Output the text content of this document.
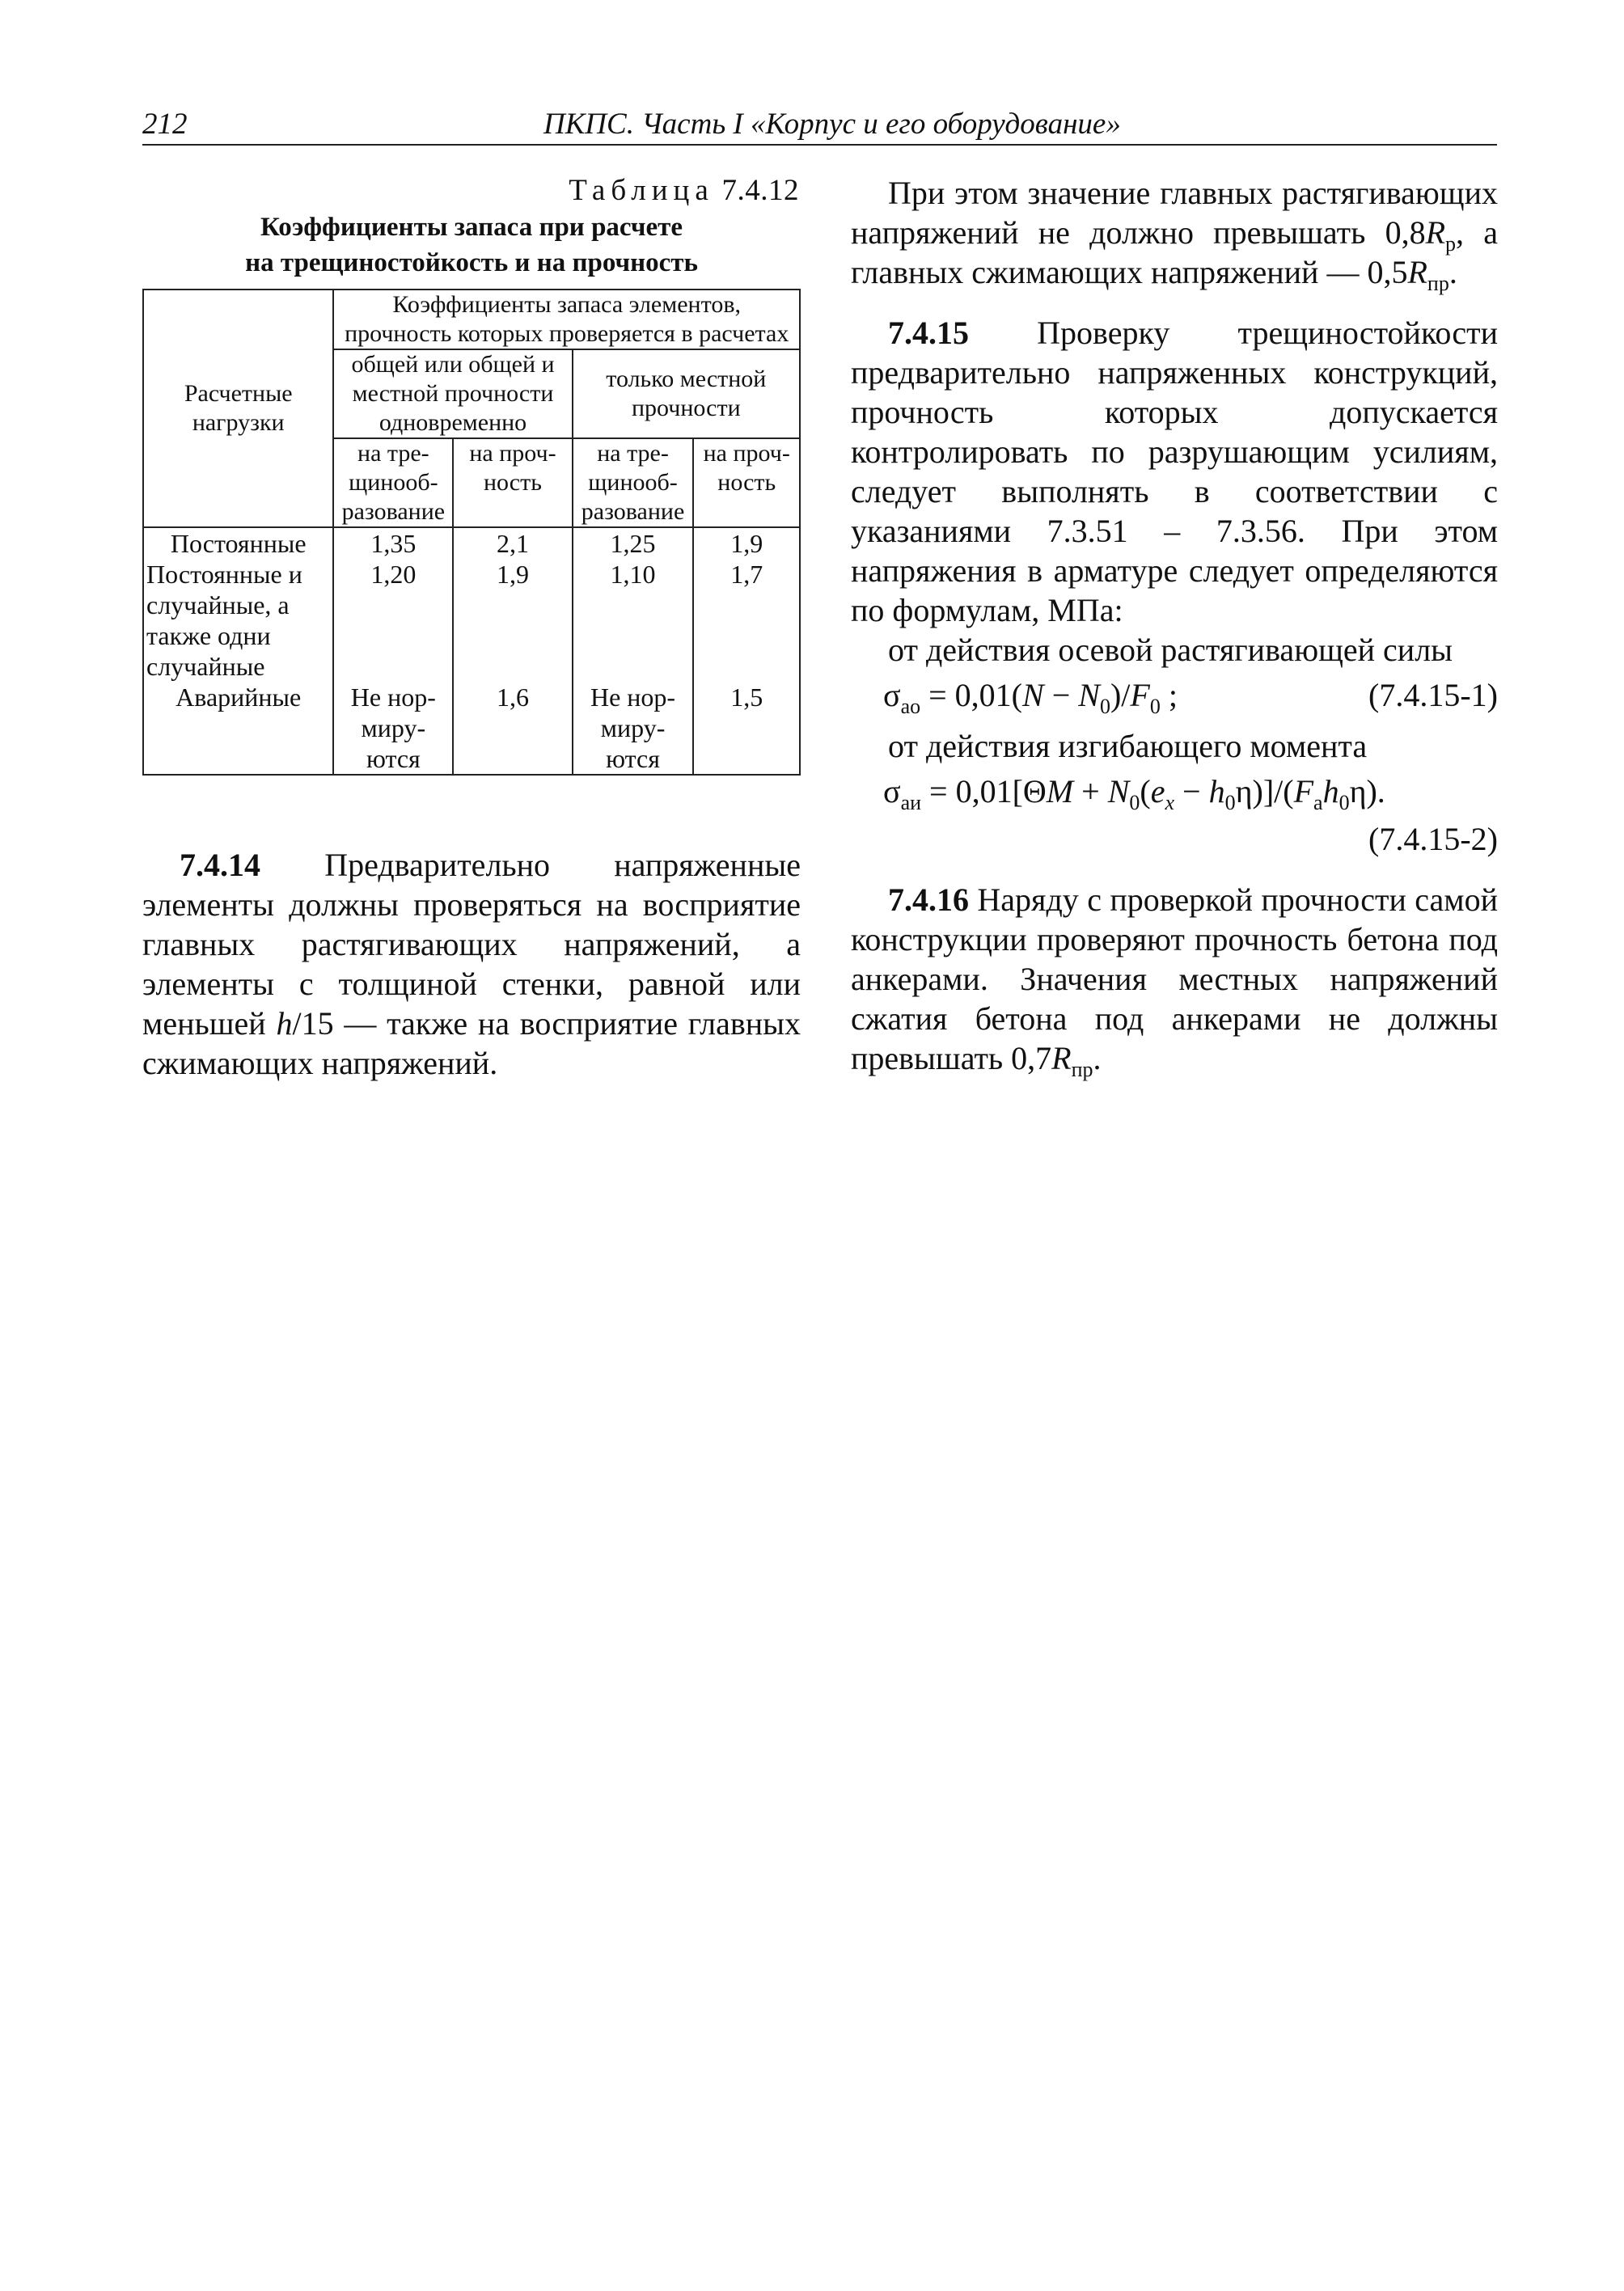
212	ПКПС. Часть I «Корпус и его оборудование»
Таблица 7.4.12
Коэффициенты запаса при расчете
на трещиностойкость и на прочность
Расчетные нагрузки	Коэффициенты запаса элементов, прочность которых проверяется в расчетах			
	общей или общей и местной прочности одновременно		только местной прочности	
	на тре-щинооб-разование	на проч-ность	на тре-щинооб-разование	на проч-ность
Постоянные	1,35	2,1	1,25	1,9
Постоянные и случайные, а также одни случайные	1,20	1,9	1,10	1,7
Аварийные	Не нор-миру-ются	1,6	Не нор-миру-ются	1,5

7.4.14 Предварительно напряженные элементы должны проверяться на восприятие главных растягивающих напряжений, а элементы с толщиной стенки, равной или меньшей h/15 — также на восприятие главных сжимающих напряжений.

При этом значение главных растягивающих напряжений не должно превышать $0,8R_р$, а главных сжимающих напряжений — $0,5R_{пр}$.

7.4.15 Проверку трещиностойкости предварительно напряженных конструкций, прочность которых допускается контролировать по разрушающим усилиям, следует выполнять в соответствии с указаниями 7.3.51 – 7.3.56. При этом напряжения в арматуре следует определяются по формулам, МПа:

от действия осевой растягивающей силы

$\sigma_{ао} = 0,01(N - N_0)/F_0$ ;	(7.4.15-1)

от действия изгибающего момента

$\sigma_{аи} = 0,01[\Theta M + N_0(e_x - h_0\eta)]/(F_аh_0\eta)$.
(7.4.15-2)

7.4.16 Наряду с проверкой прочности самой конструкции проверяют прочность бетона под анкерами. Значения местных напряжений сжатия бетона под анкерами не должны превышать $0,7R_{пр}$.
